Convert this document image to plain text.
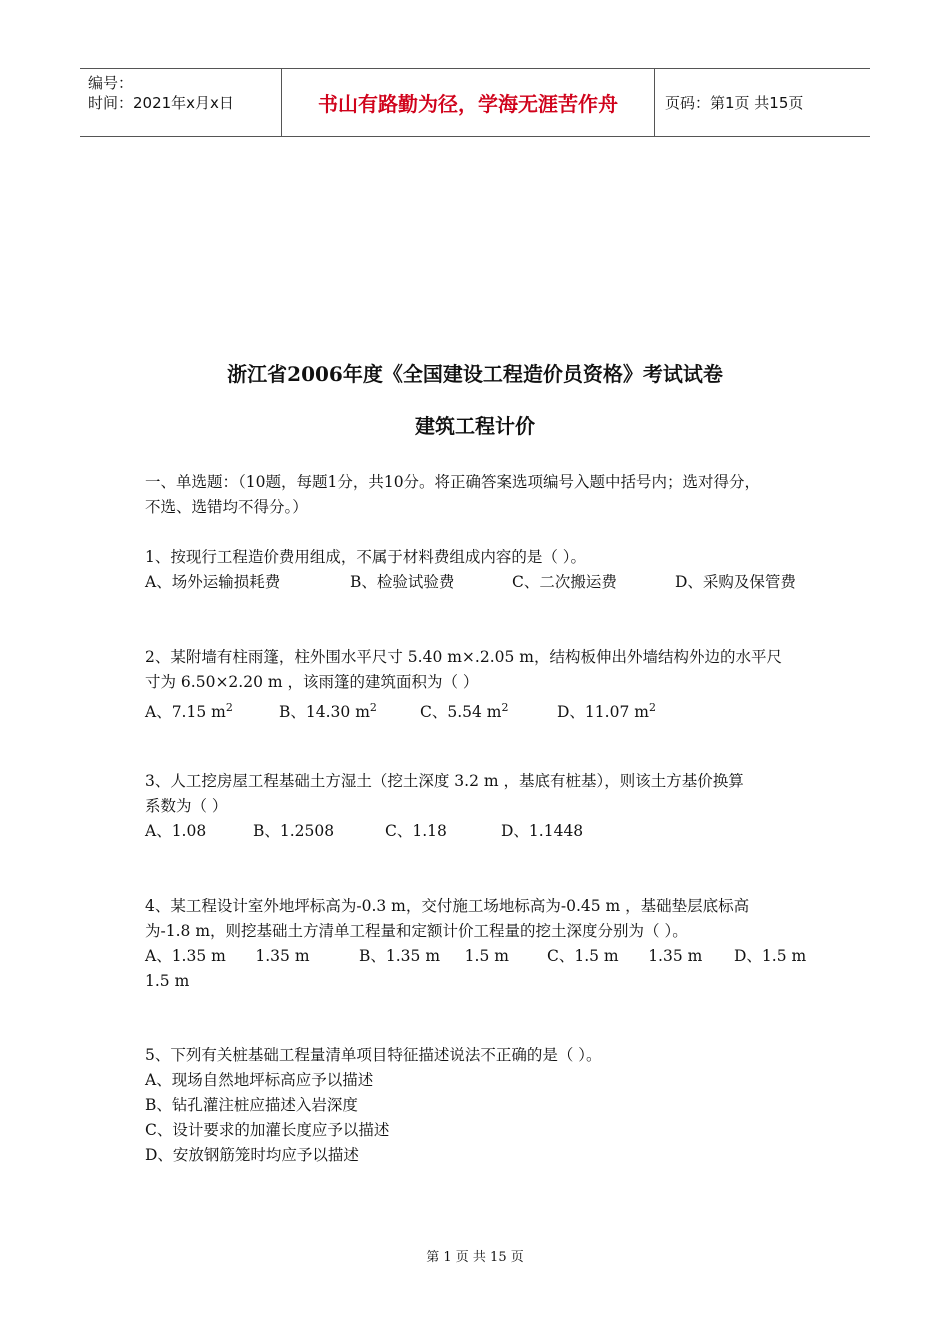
编号：
时间：2021年x月x日	书山有路勤为径，学海无涯苦作舟	页码：第1页 共15页
浙江省2006年度《全国建设工程造价员资格》考试试卷
建筑工程计价
一、单选题：（10题，每题1分，共10分。将正确答案选项编号入题中括号内；选对得分，
不选、选错均不得分。）
1、按现行工程造价费用组成，不属于材料费组成内容的是（ ）。
A、场外运输损耗费	B、检验试验费	C、二次搬运费	D、采购及保管费
2、某附墙有柱雨篷，柱外围水平尺寸 5.40 m×.2.05 m，结构板伸出外墙结构外边的水平尺
寸为 6.50×2.20 m ，该雨篷的建筑面积为（ ）
A、7.15 $m^2$	B、14.30 $m^2$	C、5.54 $m^2$	D、11.07 $m^2$
3、人工挖房屋工程基础土方湿土（挖土深度 3.2 m ，基底有桩基），则该土方基价换算
系数为（ ）
A、1.08	B、1.2508	C、1.18	D、1.1448
4、某工程设计室外地坪标高为-0.3 m，交付施工场地标高为-0.45 m ，基础垫层底标高
为-1.8 m，则挖基础土方清单工程量和定额计价工程量的挖土深度分别为（ ）。
A、1.35 m      1.35 m	B、1.35 m     1.5 m	C、1.5 m      1.35 m	D、1.5 m
1.5 m
5、下列有关桩基础工程量清单项目特征描述说法不正确的是（ ）。
A、现场自然地坪标高应予以描述
B、钻孔灌注桩应描述入岩深度
C、设计要求的加灌长度应予以描述
D、安放钢筋笼时均应予以描述
第 1 页 共 15 页
